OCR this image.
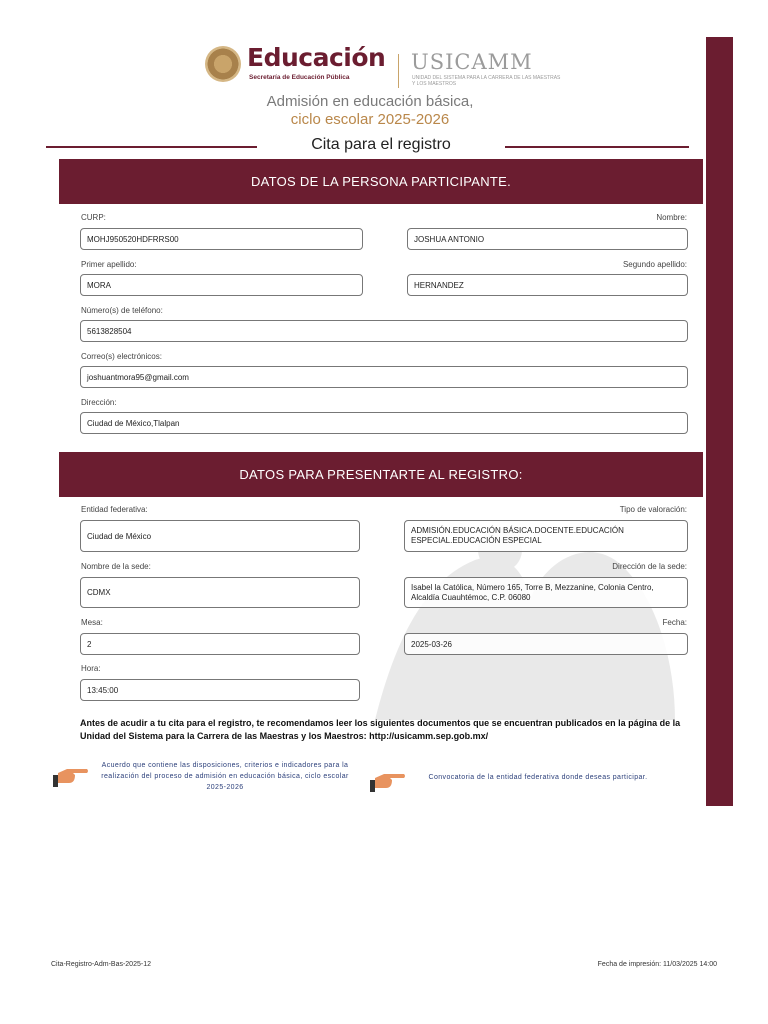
Educación
Secretaría de Educación Pública
USICAMM
UNIDAD DEL SISTEMA PARA LA CARRERA DE LAS MAESTRAS Y LOS MAESTROS
Admisión en educación básica,
ciclo escolar 2025-2026
Cita para el registro
DATOS DE LA PERSONA PARTICIPANTE.
CURP:	Nombre:
MOHJ950520HDFRRS00	JOSHUA ANTONIO
Primer apellido:	Segundo apellido:
MORA	HERNANDEZ
Número(s) de teléfono:
5613828504
Correo(s) electrónicos:
joshuantmora95@gmail.com
Dirección:
Ciudad de México,Tlalpan
DATOS PARA PRESENTARTE AL REGISTRO:
Entidad federativa:	Tipo de valoración:
Ciudad de México
ADMISIÓN.EDUCACIÓN BÁSICA.DOCENTE.EDUCACIÓN ESPECIAL.EDUCACIÓN ESPECIAL
Nombre de la sede:	Dirección de la sede:
CDMX
Isabel la Católica, Número 165, Torre B, Mezzanine, Colonia Centro, Alcaldía Cuauhtémoc, C.P. 06080
Mesa:	Fecha:
2	2025-03-26
Hora:
13:45:00
Antes de acudir a tu cita para el registro, te recomendamos leer los siguientes documentos que se encuentran publicados en la página de la Unidad del Sistema para la Carrera de las Maestras y los Maestros: http://usicamm.sep.gob.mx/
Acuerdo que contiene las disposiciones, criterios e indicadores para la realización del proceso de admisión en educación básica, ciclo escolar 2025-2026
Convocatoria de la entidad federativa donde deseas participar.
Cita-Registro-Adm-Bas-2025-12	Fecha de impresión: 11/03/2025 14:00
